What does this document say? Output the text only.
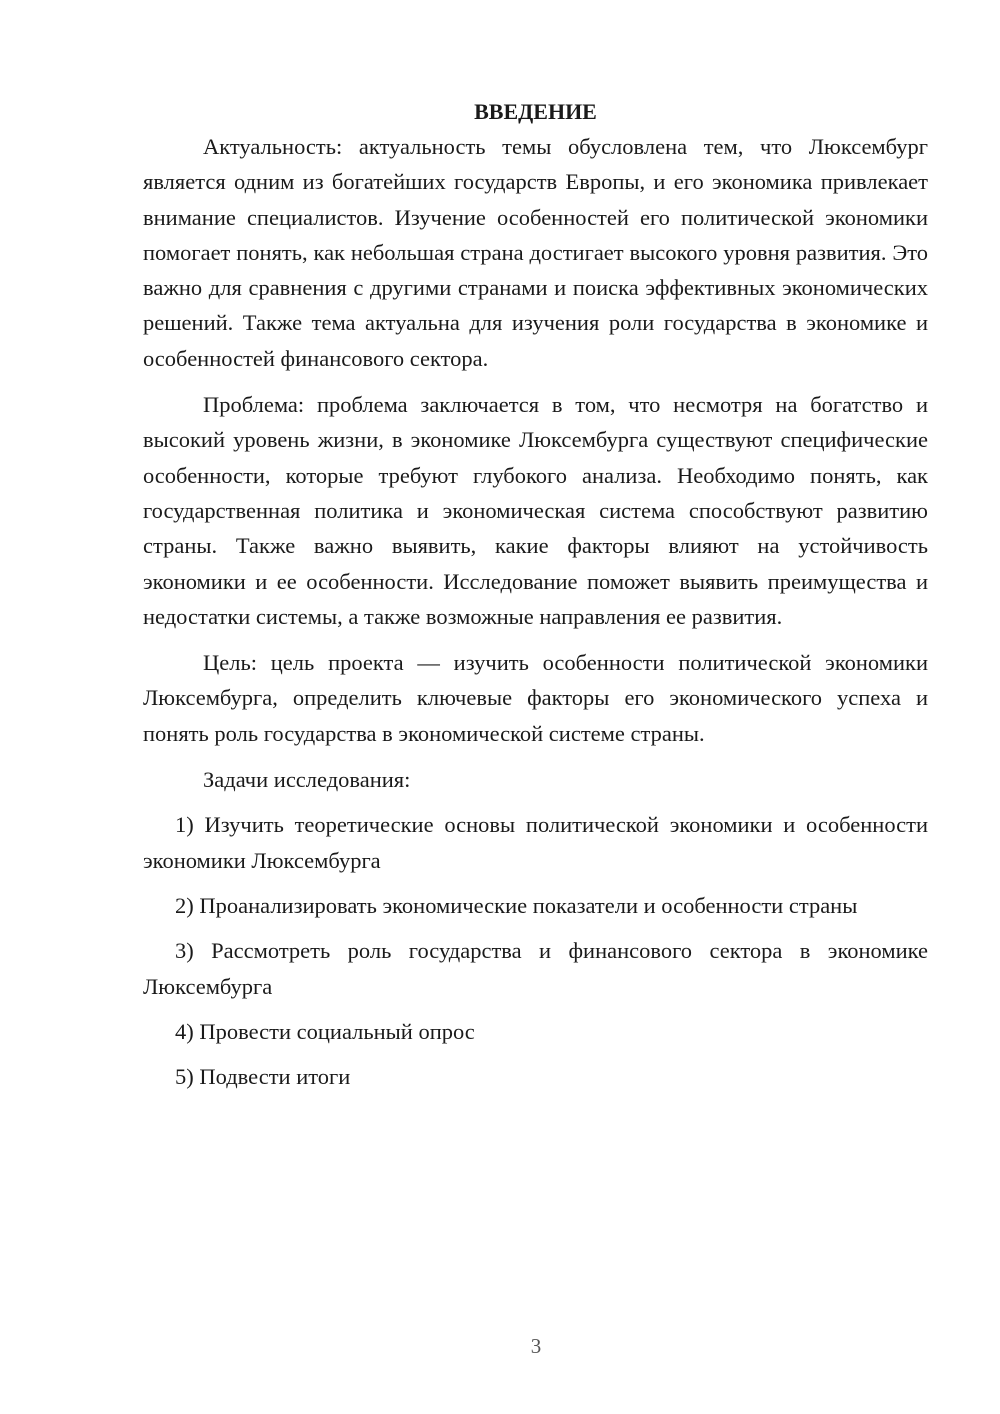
ВВЕДЕНИЕ

Актуальность: актуальность темы обусловлена тем, что Люксембург является одним из богатейших государств Европы, и его экономика привлекает внимание специалистов. Изучение особенностей его политической экономики помогает понять, как небольшая страна достигает высокого уровня развития. Это важно для сравнения с другими странами и поиска эффективных экономических решений. Также тема актуальна для изучения роли государства в экономике и особенностей финансового сектора.

Проблема: проблема заключается в том, что несмотря на богатство и высокий уровень жизни, в экономике Люксембурга существуют специфические особенности, которые требуют глубокого анализа. Необходимо понять, как государственная политика и экономическая система способствуют развитию страны. Также важно выявить, какие факторы влияют на устойчивость экономики и ее особенности. Исследование поможет выявить преимущества и недостатки системы, а также возможные направления ее развития.

Цель: цель проекта — изучить особенности политической экономики Люксембурга, определить ключевые факторы его экономического успеха и понять роль государства в экономической системе страны.

Задачи исследования:

1) Изучить теоретические основы политической экономики и особенности экономики Люксембурга

2) Проанализировать экономические показатели и особенности страны

3) Рассмотреть роль государства и финансового сектора в экономике Люксембурга

4) Провести социальный опрос

5) Подвести итоги

3
